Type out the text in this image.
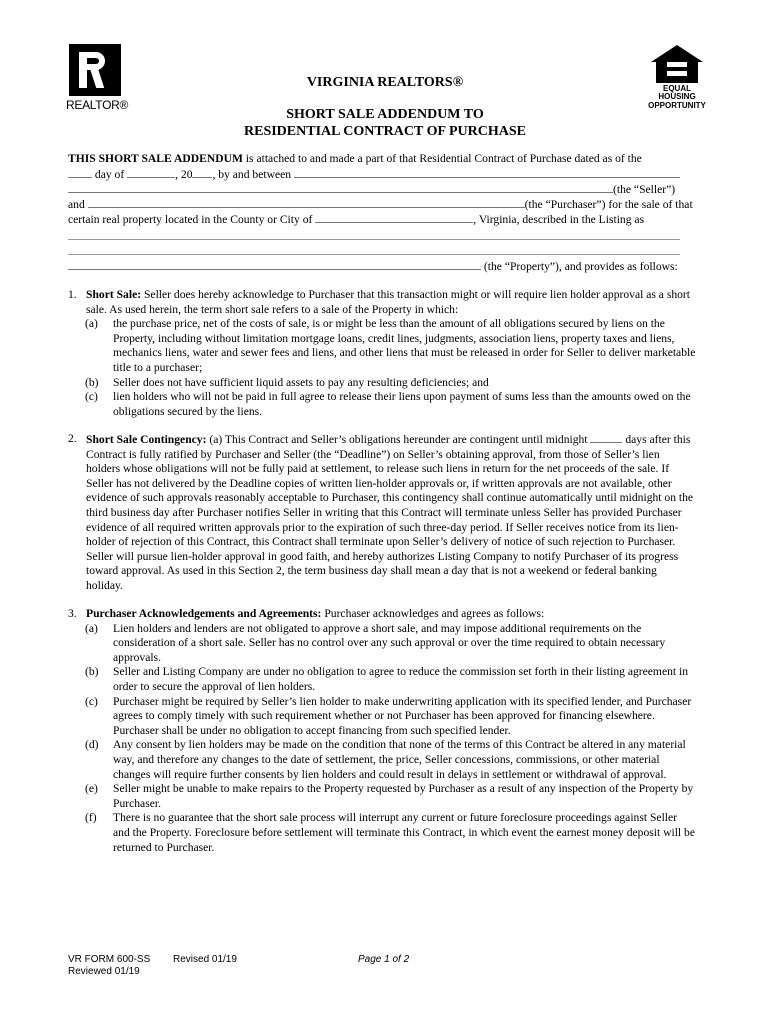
REALTOR®
EQUAL HOUSING
OPPORTUNITY
VIRGINIA REALTORS®
SHORT SALE ADDENDUM TO
RESIDENTIAL CONTRACT OF PURCHASE
THIS SHORT SALE ADDENDUM is attached to and made a part of that Residential Contract of Purchase dated as of the
day of	, 20 , by and between
(the “Seller”)
and	(the “Purchaser”) for the sale of that
certain real property located in the County or City of	, Virginia, described in the Listing as
(the “Property”), and provides as follows:
1. Short Sale: Seller does hereby acknowledge to Purchaser that this transaction might or will require lien holder approval as a short sale. As used herein, the term short sale refers to a sale of the Property in which:
(a) the purchase price, net of the costs of sale, is or might be less than the amount of all obligations secured by liens on the Property, including without limitation mortgage loans, credit lines, judgments, association liens, property taxes and liens, mechanics liens, water and sewer fees and liens, and other liens that must be released in order for Seller to deliver marketable title to a purchaser;
(b) Seller does not have sufficient liquid assets to pay any resulting deficiencies; and
(c) lien holders who will not be paid in full agree to release their liens upon payment of sums less than the amounts owed on the obligations secured by the liens.
2. Short Sale Contingency: (a) This Contract and Seller’s obligations hereunder are contingent until midnight	days after this Contract is fully ratified by Purchaser and Seller (the “Deadline”) on Seller’s obtaining approval, from those of Seller’s lien holders whose obligations will not be fully paid at settlement, to release such liens in return for the net proceeds of the sale. If Seller has not delivered by the Deadline copies of written lien-holder approvals or, if written approvals are not available, other evidence of such approvals reasonably acceptable to Purchaser, this contingency shall continue automatically until midnight on the third business day after Purchaser notifies Seller in writing that this Contract will terminate unless Seller has provided Purchaser evidence of all required written approvals prior to the expiration of such three-day period. If Seller receives notice from its lien-holder of rejection of this Contract, this Contract shall terminate upon Seller’s delivery of notice of such rejection to Purchaser. Seller will pursue lien-holder approval in good faith, and hereby authorizes Listing Company to notify Purchaser of its progress toward approval. As used in this Section 2, the term business day shall mean a day that is not a weekend or federal banking holiday.
3. Purchaser Acknowledgements and Agreements: Purchaser acknowledges and agrees as follows:
(a) Lien holders and lenders are not obligated to approve a short sale, and may impose additional requirements on the consideration of a short sale. Seller has no control over any such approval or over the time required to obtain necessary approvals.
(b) Seller and Listing Company are under no obligation to agree to reduce the commission set forth in their listing agreement in order to secure the approval of lien holders.
(c) Purchaser might be required by Seller’s lien holder to make underwriting application with its specified lender, and Purchaser agrees to comply timely with such requirement whether or not Purchaser has been approved for financing elsewhere. Purchaser shall be under no obligation to accept financing from such specified lender.
(d) Any consent by lien holders may be made on the condition that none of the terms of this Contract be altered in any material way, and therefore any changes to the date of settlement, the price, Seller concessions, commissions, or other material changes will require further consents by lien holders and could result in delays in settlement or withdrawal of approval.
(e) Seller might be unable to make repairs to the Property requested by Purchaser as a result of any inspection of the Property by Purchaser.
(f) There is no guarantee that the short sale process will interrupt any current or future foreclosure proceedings against Seller and the Property. Foreclosure before settlement will terminate this Contract, in which event the earnest money deposit will be returned to Purchaser.
VR FORM 600-SS Revised 01/19
Reviewed 01/19
Page 1 of 2
